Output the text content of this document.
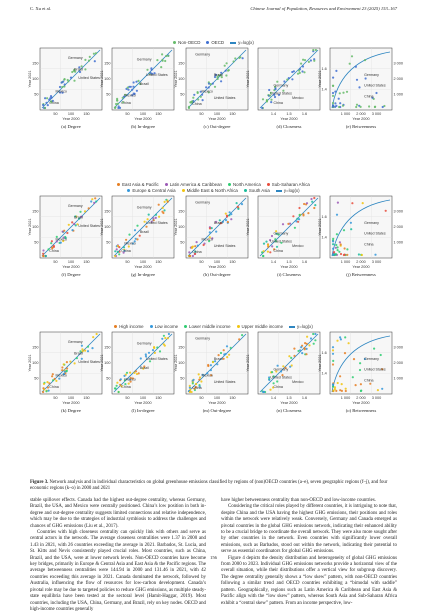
C. Xu et al.	Chinese Journal of Population, Resources and Environment 23 (2025) 153–167
Non-OECD	OECD	y=log(x)
East Asia & Pacific	Latin America & Caribbean	North America	Sub-Saharan Africa
Europe & Central Asia	Middle East & North Africa	South Asia	y=log(x)
High income	Low income	Lower middle income	Upper middle income	y=log(x)
Germany
Brazil
United States
Mexico
China
50	100 150
150
100
50
Year 2000
Year 2021
(a) Degree
Germany
United States
Brazil
Mexico
China
50	100 150
150
100
50
Year 2000
Year 2021
(b) In-degree
Germany
Brazil
Mexico
United States
China
50	100 150
150
100
50
Year 2000
Year 2021
(c) Out-degree
Germany
United States
Mexico
China
1.4	1.5	1.6
1.6
1.4
Year 2000
Year 2021
(d) Closeness
Germany
United States
China
1 000 2 000 3 000
3 000
2 000
1 000
Year 2000
Year 2021
(e) Betweenness
Germany
Brazil
United States
Mexico
China
50	100 150
150
100
50
Year 2000
Year 2021
(f) Degree
Germany
United States
Brazil
Mexico
China
50	100 150
150
100
50
Year 2000
Year 2021
(g) In-degree
Germany
Brazil
Mexico
United States
China
50	100 150
150
100
50
Year 2000
Year 2021
(h) Out-degree
Germany
United States
Mexico
China
1.4	1.5	1.6
1.6
1.4
Year 2000
Year 2021
(i) Closeness
Germany
United States
China
1 000 2 000 3 000
3 000
2 000
1 000
Year 2000
Year 2021
(j) Betweenness
Germany
Brazil
United States
Mexico
China
50	100 150
150
100
50
Year 2000
Year 2021
(k) Degree
Germany
United States
Brazil
Mexico
China
50	100 150
150
100
50
Year 2000
Year 2021
(l) In-degree
Germany
Brazil
Mexico
United States
China
50	100 150
150
100
50
Year 2000
Year 2021
(m) Out-degree
Germany
United States
Mexico
China
1.4	1.5	1.6
1.6
1.4
Year 2000
Year 2021
(n) Closeness
Germany
United States
China
1 000 2 000 3 000
3 000
2 000
1 000
Year 2000
Year 2021
(o) Betweenness
Figure 3. Network analysis and in individual characteristics on global greenhouse emissions classified by regions of (non)OECD countries (a–e), seven geographic regions (f–j), and four economic regions (k–o) in 2000 and 2021

stable spillover effects. Canada had the highest out-degree centrality, whereas Germany, Brazil, the USA, and Mexico were centrally positioned. China’s low position in both in-degree and out-degree centrality suggests limited connections and relative independence, which may be due to the strategies of industrial symbiosis to address the challenges and chances of GHG emissions (Liu et al., 2017).

Countries with high closeness centrality can quickly link with others and serve as central actors in the network. The average closeness centralities were 1.37 in 2000 and 1.43 in 2021, with 26 countries exceeding the average in 2021. Barbados, St. Lucia, and St. Kitts and Nevis consistently played crucial roles. Most countries, such as China, Brazil, and the USA, were at lower network levels. Non-OECD countries have become key bridges, primarily in Europe & Central Asia and East Asia & the Pacific regions. The average betweenness centralities were 144.94 in 2000 and 131.46 in 2021, with 42 countries exceeding this average in 2021. Canada dominated the network, followed by Australia, influencing the flow of resources for low-carbon development. Canada’s pivotal role may be due to targeted policies to reduce GHG emissions, as multiple steady-state equilibria have been tested at the sectoral level (Hamit-Haggar, 2019). Most countries, including the USA, China, Germany, and Brazil, rely on key nodes. OECD and high-income countries generally

have higher betweenness centrality than non-OECD and low-income countries.

Considering the critical roles played by different countries, it is intriguing to note that, despite China and the USA having the highest GHG emissions, their positions and roles within the network were relatively weak. Conversely, Germany and Canada emerged as pivotal countries in the global GHG emissions network, indicating their enhanced ability to be a crucial bridge to coordinate the overall network. They were also more sought after by other countries in the network. Even countries with significantly lower overall emissions, such as Barbados, stood out within the network, indicating their potential to serve as essential coordinators for global GHG emissions.

Figure 4 depicts the density distribution and heterogeneity of global GHG emissions from 2000 to 2023. Individual GHG emissions networks provide a horizontal view of the overall situation, while their distributions offer a vertical view for subgroup discovery. The degree centrality generally shows a “low skew” pattern, with non-OECD countries following a similar trend and OECD countries exhibiting a “bimodal with saddle” pattern. Geographically, regions such as Latin America & Caribbean and East Asia & Pacific align with the “low skew” pattern, whereas South Asia and Sub-Saharan Africa exhibit a “central skew” pattern. From an income perspective, low-

156
